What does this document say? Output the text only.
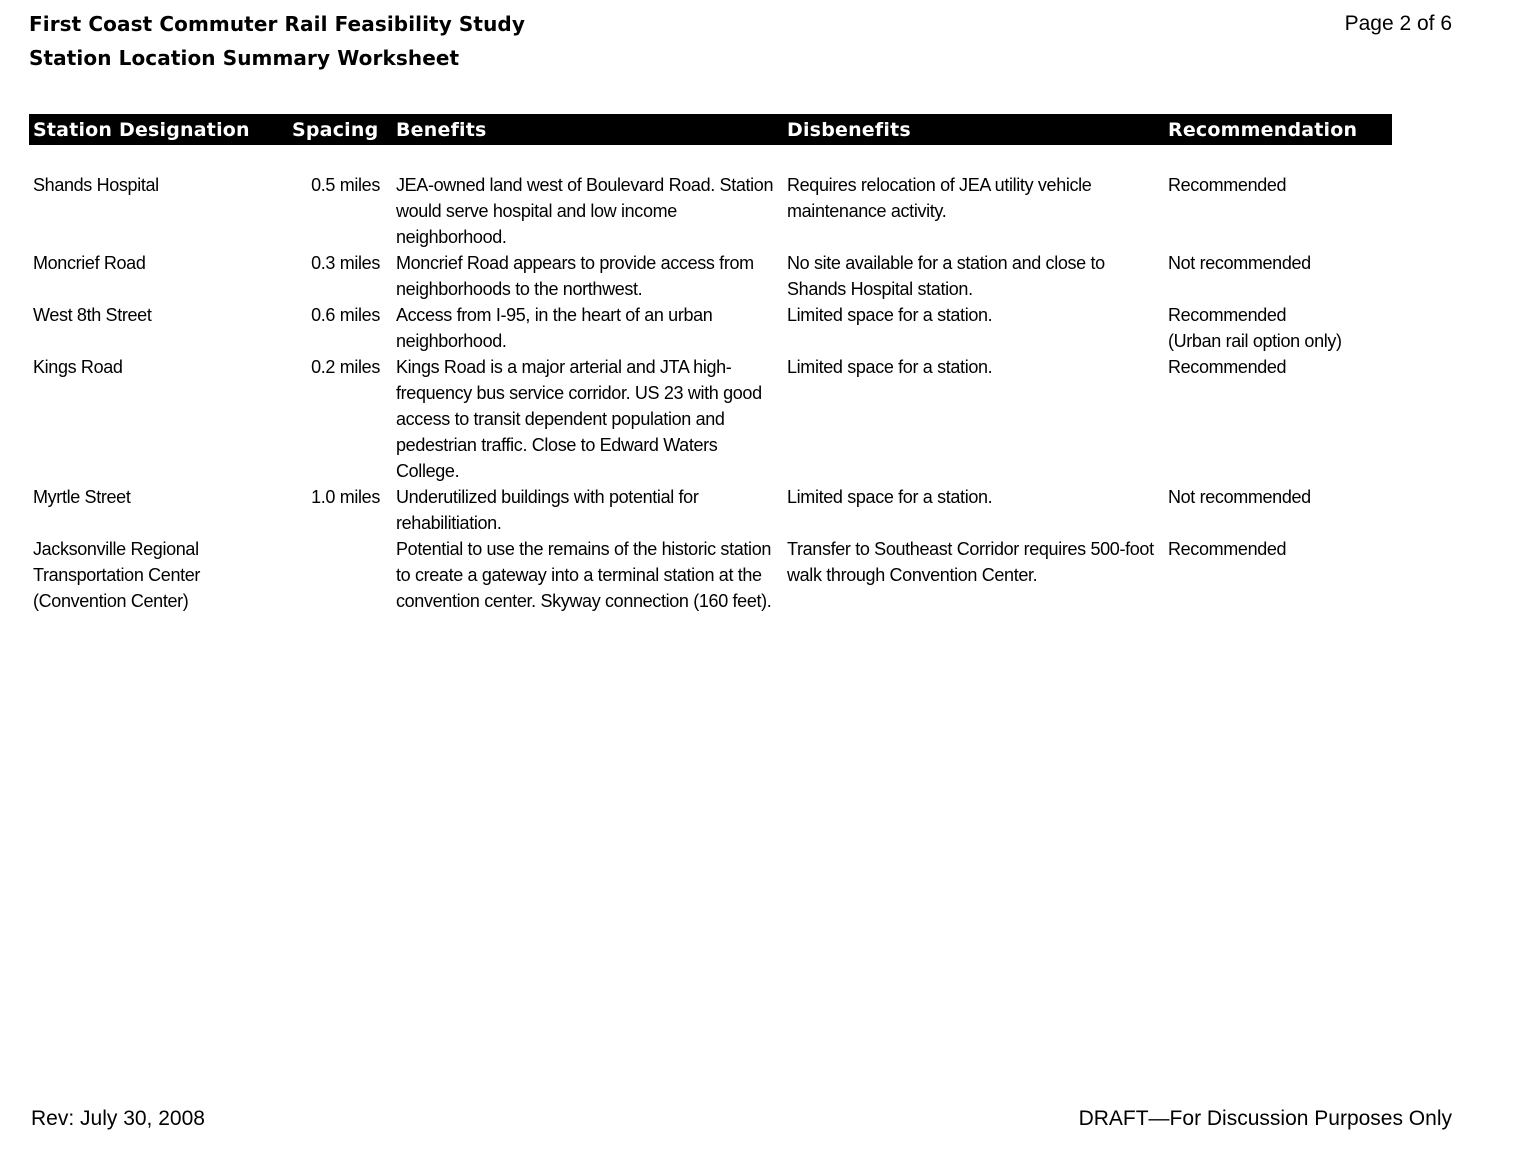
First Coast Commuter Rail Feasibility Study
Station Location Summary Worksheet
Page 2 of 6
Station Designation	Spacing	Benefits	Disbenefits	Recommendation

Shands Hospital	0.5 miles	JEA-owned land west of Boulevard Road. Station would serve hospital and low income neighborhood.	Requires relocation of JEA utility vehicle maintenance activity.	Recommended

Moncrief Road	0.3 miles	Moncrief Road appears to provide access from neighborhoods to the northwest.	No site available for a station and close to Shands Hospital station.	Not recommended

West 8th Street	0.6 miles	Access from I-95, in the heart of an urban neighborhood.	Limited space for a station.	Recommended
(Urban rail option only)

Kings Road	0.2 miles	Kings Road is a major arterial and JTA high-frequency bus service corridor. US 23 with good access to transit dependent population and pedestrian traffic. Close to Edward Waters College.	Limited space for a station.	Recommended

Myrtle Street	1.0 miles	Underutilized buildings with potential for rehabilitiation.	Limited space for a station.	Not recommended

Jacksonville Regional Transportation Center (Convention Center)		Potential to use the remains of the historic station to create a gateway into a terminal station at the convention center. Skyway connection (160 feet).	Transfer to Southeast Corridor requires 500-foot walk through Convention Center.	Recommended
Rev: July 30, 2008	DRAFT—For Discussion Purposes Only
